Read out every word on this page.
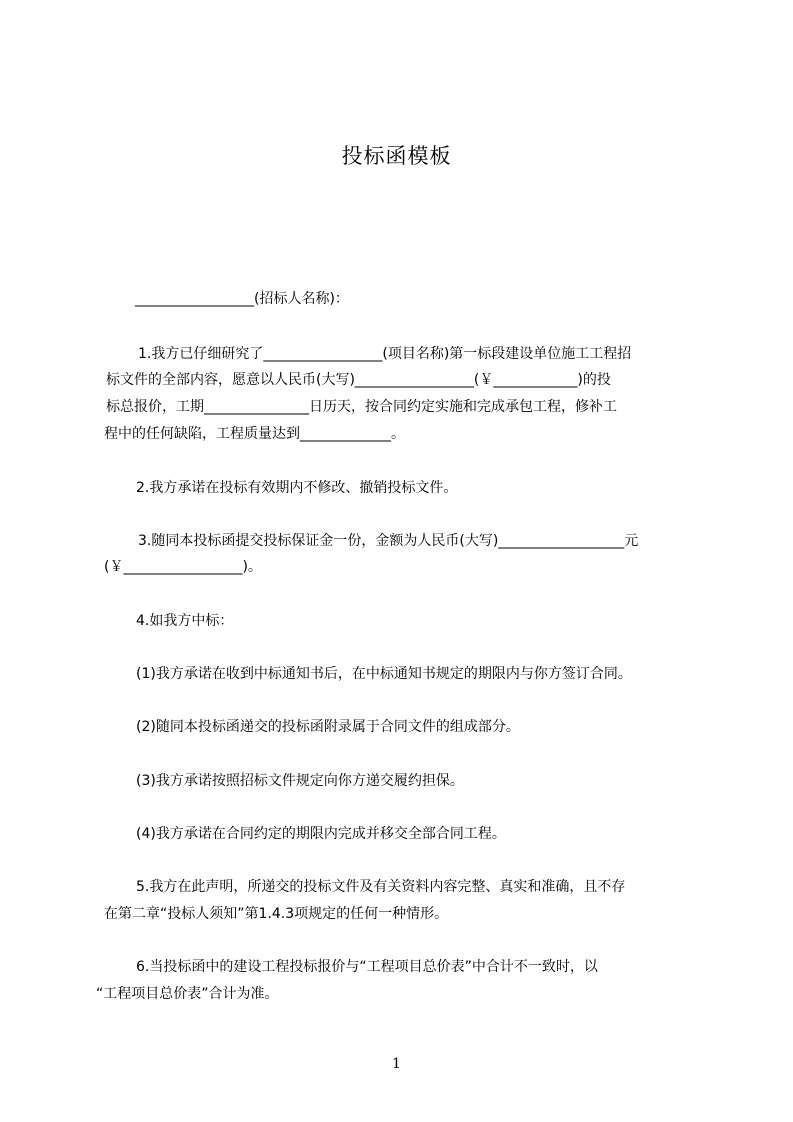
投标函模板
_________________(招标人名称)：
1.我方已仔细研究了_________________(项目名称)第一标段建设单位施工工程招
标文件的全部内容，愿意以人民币(大写)_________________(￥____________)的投
标总报价，工期_______________日历天，按合同约定实施和完成承包工程，修补工
程中的任何缺陷，工程质量达到_____________。
2.我方承诺在投标有效期内不修改、撤销投标文件。
3.随同本投标函提交投标保证金一份，金额为人民币(大写)__________________元
(￥_________________)。
4.如我方中标：
(1)我方承诺在收到中标通知书后，在中标通知书规定的期限内与你方签订合同。
(2)随同本投标函递交的投标函附录属于合同文件的组成部分。
(3)我方承诺按照招标文件规定向你方递交履约担保。
(4)我方承诺在合同约定的期限内完成并移交全部合同工程。
5.我方在此声明，所递交的投标文件及有关资料内容完整、真实和准确，且不存
在第二章“投标人须知”第1.4.3项规定的任何一种情形。
6.当投标函中的建设工程投标报价与“工程项目总价表”中合计不一致时，以
“工程项目总价表”合计为准。
1
